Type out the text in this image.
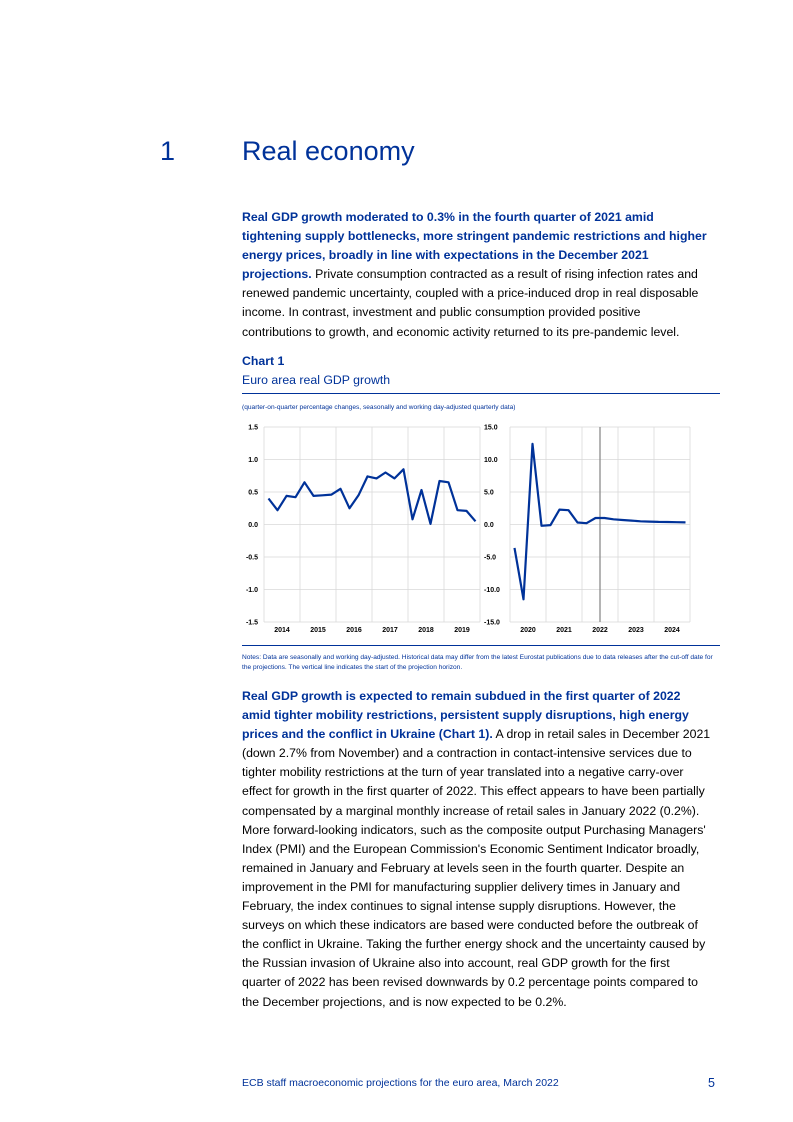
1 Real economy

Real GDP growth moderated to 0.3% in the fourth quarter of 2021 amid tightening supply bottlenecks, more stringent pandemic restrictions and higher energy prices, broadly in line with expectations in the December 2021 projections. Private consumption contracted as a result of rising infection rates and renewed pandemic uncertainty, coupled with a price-induced drop in real disposable income. In contrast, investment and public consumption provided positive contributions to growth, and economic activity returned to its pre-pandemic level.

Chart 1
Euro area real GDP growth
(quarter-on-quarter percentage changes, seasonally and working day-adjusted quarterly data)
1.5
1.0
0.5
0.0
-0.5
-1.0
-1.5
2014	2015	2016	2017	2018	2019
15.0
10.0
5.0
0.0
-5.0
-10.0
-15.0
2020	2021	2022	2023	2024
Notes: Data are seasonally and working day-adjusted. Historical data may differ from the latest Eurostat publications due to data releases after the cut-off date for the projections. The vertical line indicates the start of the projection horizon.

Real GDP growth is expected to remain subdued in the first quarter of 2022 amid tighter mobility restrictions, persistent supply disruptions, high energy prices and the conflict in Ukraine (Chart 1). A drop in retail sales in December 2021 (down 2.7% from November) and a contraction in contact-intensive services due to tighter mobility restrictions at the turn of year translated into a negative carry-over effect for growth in the first quarter of 2022. This effect appears to have been partially compensated by a marginal monthly increase of retail sales in January 2022 (0.2%). More forward-looking indicators, such as the composite output Purchasing Managers' Index (PMI) and the European Commission's Economic Sentiment Indicator broadly, remained in January and February at levels seen in the fourth quarter. Despite an improvement in the PMI for manufacturing supplier delivery times in January and February, the index continues to signal intense supply disruptions. However, the surveys on which these indicators are based were conducted before the outbreak of the conflict in Ukraine. Taking the further energy shock and the uncertainty caused by the Russian invasion of Ukraine also into account, real GDP growth for the first quarter of 2022 has been revised downwards by 0.2 percentage points compared to the December projections, and is now expected to be 0.2%.

ECB staff macroeconomic projections for the euro area, March 2022	5
